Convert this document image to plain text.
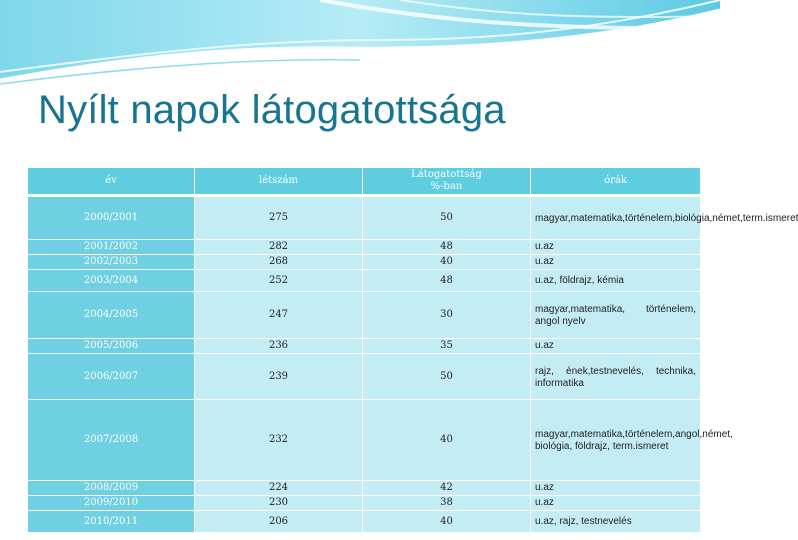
Nyílt napok látogatottsága
év	létszám	Látogatottság
%-ban	órák
2000/2001	275	50	magyar,matematika,történelem,biológia,német,term.ismeret
2001/2002	282	48	u.az
2002/2003	268	40	u.az
2003/2004	252	48	u.az, földrajz, kémia
2004/2005	247	30	magyar,matematika, történelem, angol nyelv
2005/2006	236	35	u.az
2006/2007	239	50	rajz, ének,testnevelés, technika, informatika
2007/2008	232	40	magyar,matematika,történelem,angol,német, biológia, földrajz, term.ismeret
2008/2009	224	42	u.az
2009/2010	230	38	u.az
2010/2011	206	40	u.az, rajz, testnevelés
